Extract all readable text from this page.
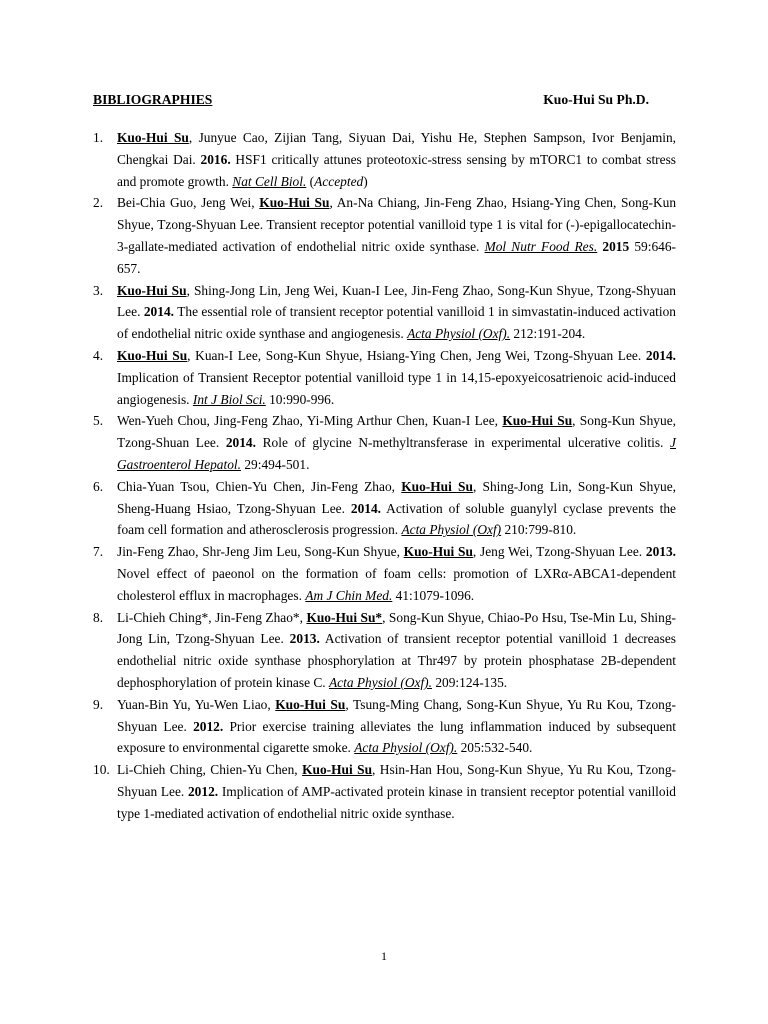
BIBLIOGRAPHIES	Kuo-Hui Su Ph.D.
1. Kuo-Hui Su, Junyue Cao, Zijian Tang, Siyuan Dai, Yishu He, Stephen Sampson, Ivor Benjamin, Chengkai Dai. 2016. HSF1 critically attunes proteotoxic-stress sensing by mTORC1 to combat stress and promote growth. Nat Cell Biol. (Accepted)
2. Bei-Chia Guo, Jeng Wei, Kuo-Hui Su, An-Na Chiang, Jin-Feng Zhao, Hsiang-Ying Chen, Song-Kun Shyue, Tzong-Shyuan Lee. Transient receptor potential vanilloid type 1 is vital for (-)-epigallocatechin-3-gallate-mediated activation of endothelial nitric oxide synthase. Mol Nutr Food Res. 2015 59:646-657.
3. Kuo-Hui Su, Shing-Jong Lin, Jeng Wei, Kuan-I Lee, Jin-Feng Zhao, Song-Kun Shyue, Tzong-Shyuan Lee. 2014. The essential role of transient receptor potential vanilloid 1 in simvastatin-induced activation of endothelial nitric oxide synthase and angiogenesis. Acta Physiol (Oxf). 212:191-204.
4. Kuo-Hui Su, Kuan-I Lee, Song-Kun Shyue, Hsiang-Ying Chen, Jeng Wei, Tzong-Shyuan Lee. 2014. Implication of Transient Receptor potential vanilloid type 1 in 14,15-epoxyeicosatrienoic acid-induced angiogenesis. Int J Biol Sci. 10:990-996.
5. Wen-Yueh Chou, Jing-Feng Zhao, Yi-Ming Arthur Chen, Kuan-I Lee, Kuo-Hui Su, Song-Kun Shyue, Tzong-Shuan Lee. 2014. Role of glycine N-methyltransferase in experimental ulcerative colitis. J Gastroenterol Hepatol. 29:494-501.
6. Chia-Yuan Tsou, Chien-Yu Chen, Jin-Feng Zhao, Kuo-Hui Su, Shing-Jong Lin, Song-Kun Shyue, Sheng-Huang Hsiao, Tzong-Shyuan Lee. 2014. Activation of soluble guanylyl cyclase prevents the foam cell formation and atherosclerosis progression. Acta Physiol (Oxf) 210:799-810.
7. Jin-Feng Zhao, Shr-Jeng Jim Leu, Song-Kun Shyue, Kuo-Hui Su, Jeng Wei, Tzong-Shyuan Lee. 2013. Novel effect of paeonol on the formation of foam cells: promotion of LXRα-ABCA1-dependent cholesterol efflux in macrophages. Am J Chin Med. 41:1079-1096.
8. Li-Chieh Ching*, Jin-Feng Zhao*, Kuo-Hui Su*, Song-Kun Shyue, Chiao-Po Hsu, Tse-Min Lu, Shing-Jong Lin, Tzong-Shyuan Lee. 2013. Activation of transient receptor potential vanilloid 1 decreases endothelial nitric oxide synthase phosphorylation at Thr497 by protein phosphatase 2B-dependent dephosphorylation of protein kinase C. Acta Physiol (Oxf). 209:124-135.
9. Yuan-Bin Yu, Yu-Wen Liao, Kuo-Hui Su, Tsung-Ming Chang, Song-Kun Shyue, Yu Ru Kou, Tzong-Shyuan Lee. 2012. Prior exercise training alleviates the lung inflammation induced by subsequent exposure to environmental cigarette smoke. Acta Physiol (Oxf). 205:532-540.
10. Li-Chieh Ching, Chien-Yu Chen, Kuo-Hui Su, Hsin-Han Hou, Song-Kun Shyue, Yu Ru Kou, Tzong-Shyuan Lee. 2012. Implication of AMP-activated protein kinase in transient receptor potential vanilloid type 1-mediated activation of endothelial nitric oxide synthase.
1
